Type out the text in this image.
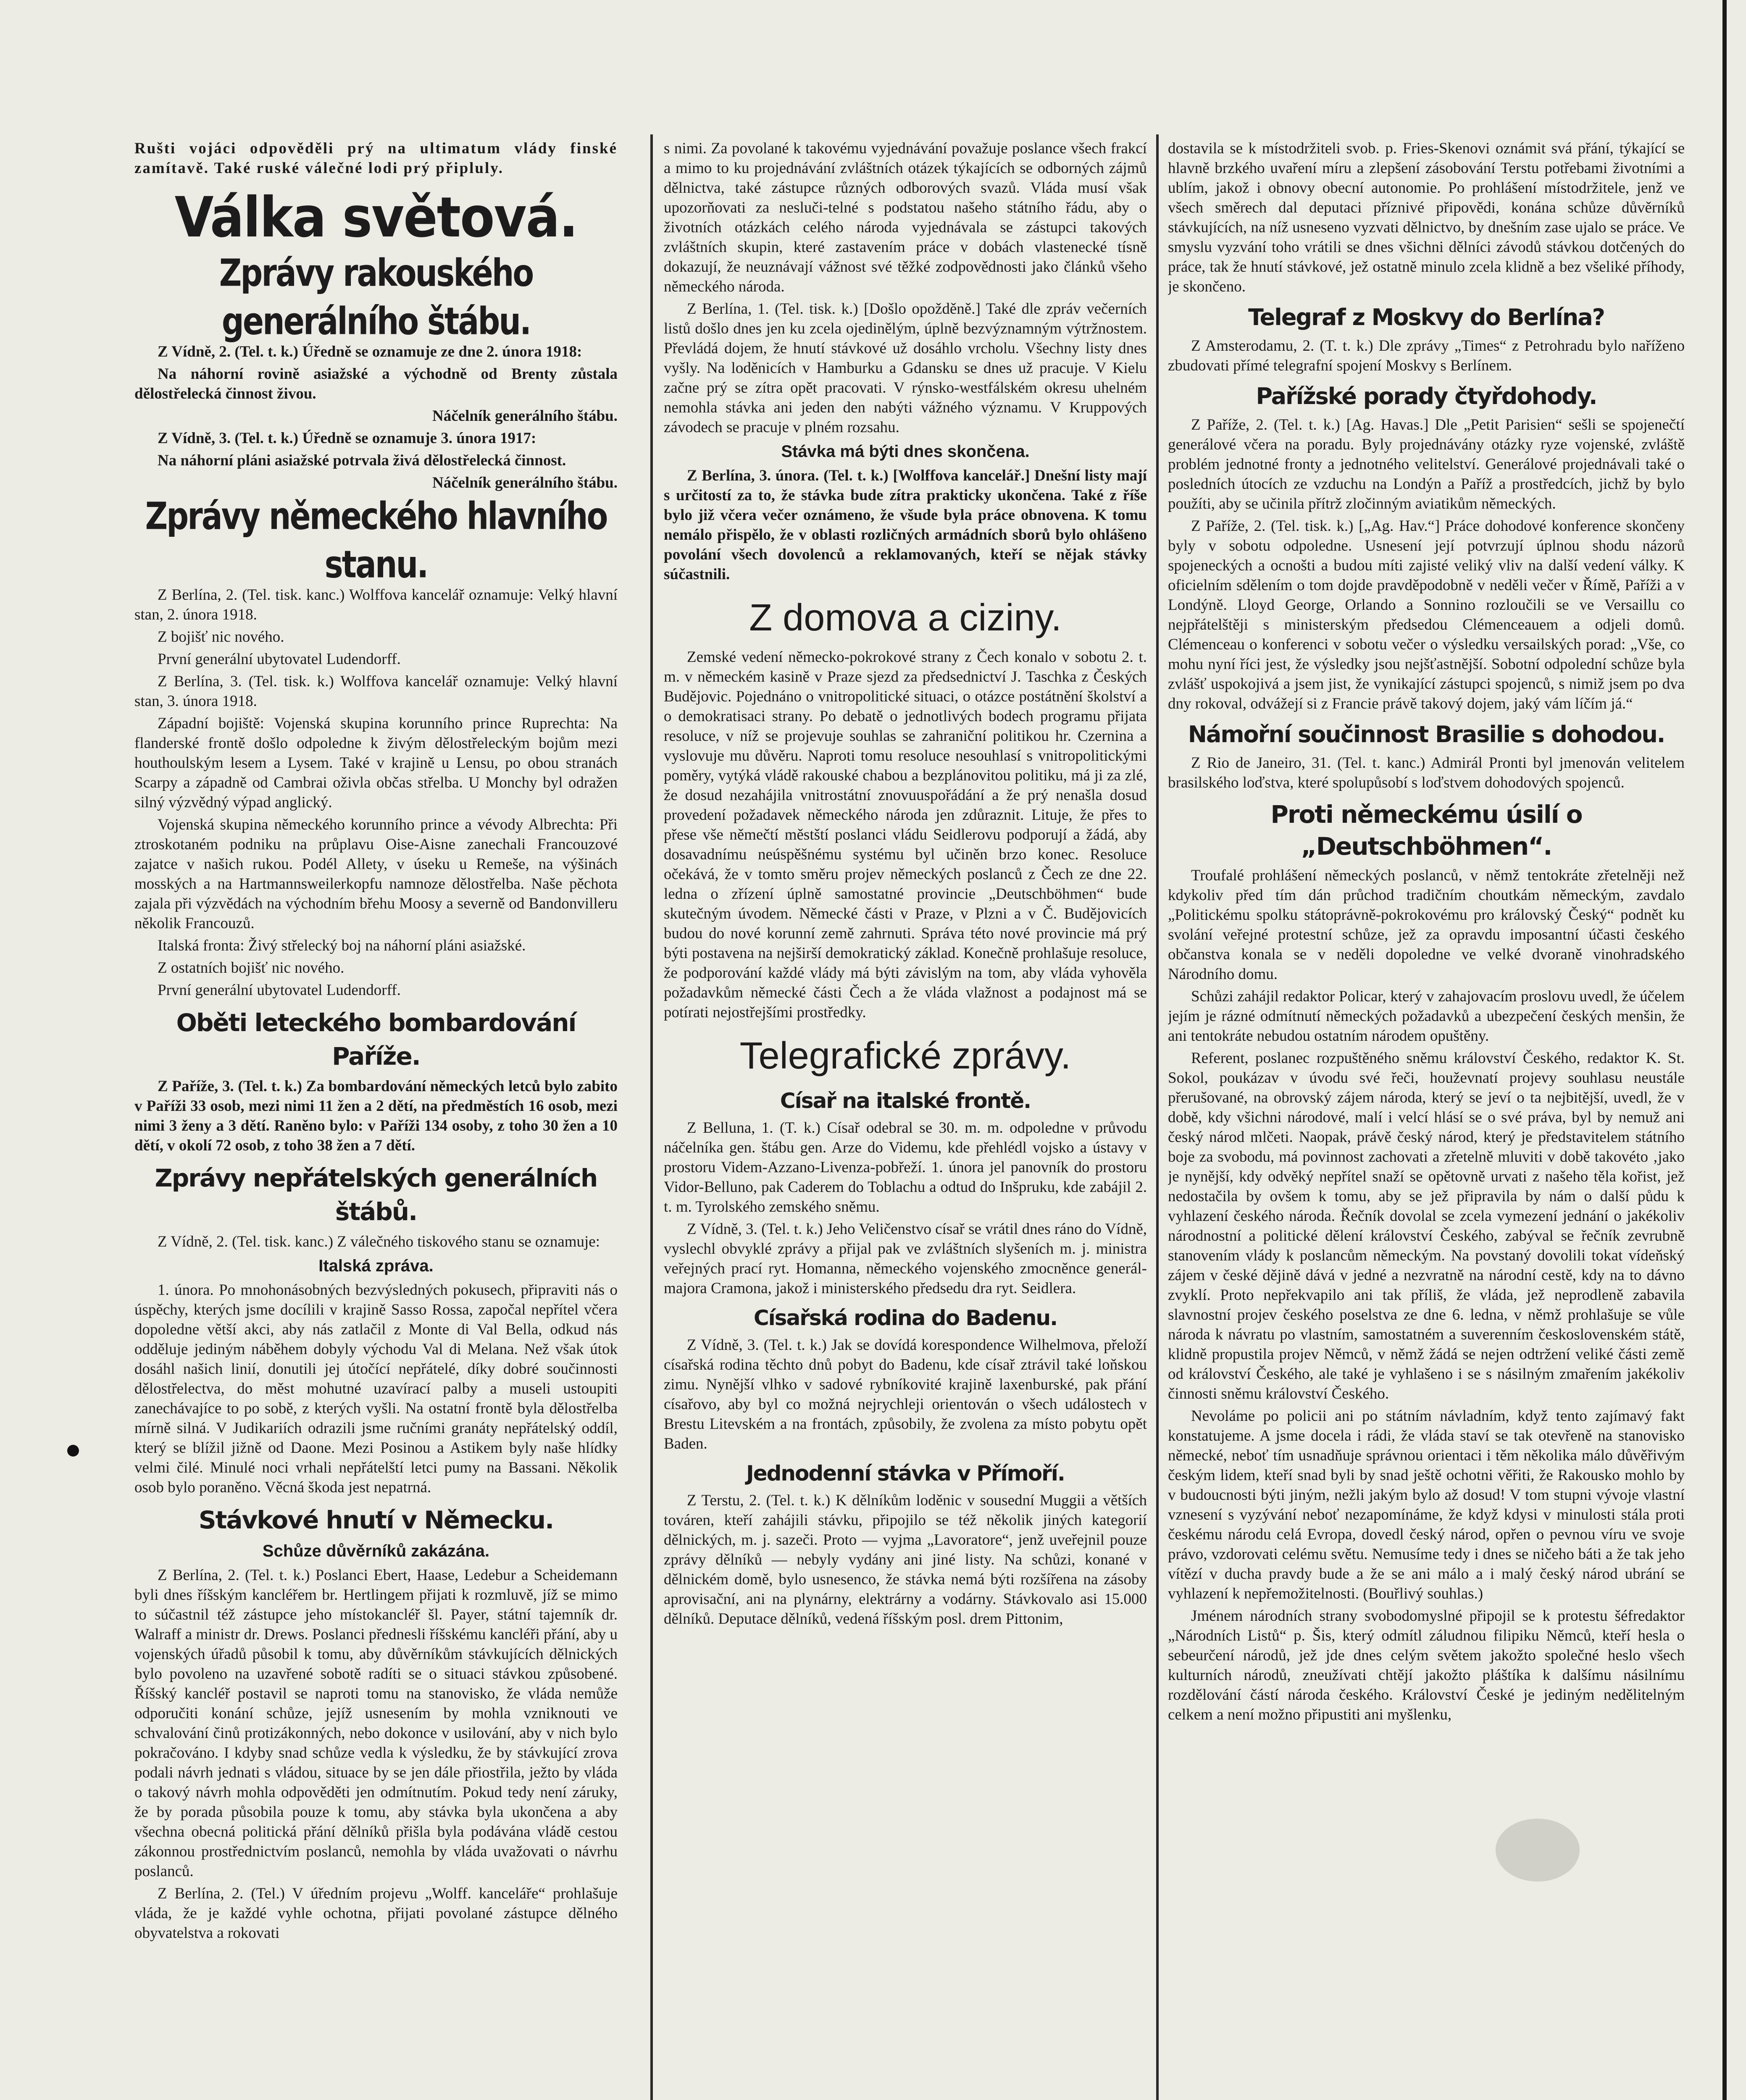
Rušti vojáci odpověděli prý na ultimatum vlády finské zamítavě. Také ruské válečné lodi prý připluly.

Válka světová.
Zprávy rakouského generálního štábu.

Z Vídně, 2. (Tel. t. k.) Úředně se oznamuje ze dne 2. února 1918:

Na náhorní rovině asiažské a východně od Brenty zůstala dělostřelecká činnost živou.

Náčelník generálního štábu.

Z Vídně, 3. (Tel. t. k.) Úředně se oznamuje 3. února 1917:

Na náhorní pláni asiažské potrvala živá dělostřelecká činnost.

Náčelník generálního štábu.

Zprávy německého hlavního stanu.

Z Berlína, 2. (Tel. tisk. kanc.) Wolffova kancelář oznamuje: Velký hlavní stan, 2. února 1918.

Z bojišť nic nového.

První generální ubytovatel Ludendorff.

Z Berlína, 3. (Tel. tisk. k.) Wolffova kancelář oznamuje: Velký hlavní stan, 3. února 1918.

Západní bojiště: Vojenská skupina korunního prince Ruprechta: Na flanderské frontě došlo odpoledne k živým dělostřeleckým bojům mezi houthoulským lesem a Lysem. Také v krajině u Lensu, po obou stranách Scarpy a západně od Cambrai oživla občas střelba. U Monchy byl odražen silný výzvědný výpad anglický.

Vojenská skupina německého korunního prince a vévody Albrechta: Při ztroskotaném podniku na průplavu Oise-Aisne zanechali Francouzové zajatce v našich rukou. Podél Allety, v úseku u Remeše, na výšinách mosských a na Hartmannsweilerkopfu namnoze dělostřelba. Naše pěchota zajala při výzvědách na východním břehu Moosy a severně od Bandonvilleru několik Francouzů.

Italská fronta: Živý střelecký boj na náhorní pláni asiažské.

Z ostatních bojišť nic nového.

První generální ubytovatel Ludendorff.

Oběti leteckého bombardování Paříže.

Z Paříže, 3. (Tel. t. k.) Za bombardování německých letců bylo zabito v Paříži 33 osob, mezi nimi 11 žen a 2 dětí, na předměstích 16 osob, mezi nimi 3 ženy a 3 dětí. Raněno bylo: v Paříži 134 osoby, z toho 30 žen a 10 dětí, v okolí 72 osob, z toho 38 žen a 7 dětí.

Zprávy nepřátelských generálních štábů.

Z Vídně, 2. (Tel. tisk. kanc.) Z válečného tiskového stanu se oznamuje:

Italská zpráva.

1. února. Po mnohonásobných bezvýsledných pokusech, připraviti nás o úspěchy, kterých jsme docílili v krajině Sasso Rossa, započal nepřítel včera dopoledne větší akci, aby nás zatlačil z Monte di Val Bella, odkud nás odděluje jediným náběhem dobyly východu Val di Melana. Než však útok dosáhl našich linií, donutili jej útočící nepřátelé, díky dobré součinnosti dělostřelectva, do měst mohutné uzavírací palby a museli ustoupiti zanechávajíce to po sobě, z kterých vyšli. Na ostatní frontě byla dělostřelba mírně silná. V Judikariích odrazili jsme ručními granáty nepřátelský oddíl, který se blížil jižně od Daone. Mezi Posinou a Astikem byly naše hlídky velmi čilé. Minulé noci vrhali nepřátelští letci pumy na Bassani. Několik osob bylo poraněno. Věcná škoda jest nepatrná.

Stávkové hnutí v Německu.
Schůze důvěrníků zakázána.

Z Berlína, 2. (Tel. t. k.) Poslanci Ebert, Haase, Ledebur a Scheidemann byli dnes říšským kancléřem br. Hertlingem přijati k rozmluvě, jíž se mimo to súčastnil též zástupce jeho místokancléř šl. Payer, státní tajemník dr. Walraff a ministr dr. Drews. Poslanci přednesli říšskému kancléři přání, aby u vojenských úřadů působil k tomu, aby důvěrníkům stávkujících dělnických bylo povoleno na uzavřené sobotě radíti se o situaci stávkou způsobené. Říšský kancléř postavil se naproti tomu na stanovisko, že vláda nemůže odporučiti konání schůze, jejíž usnesením by mohla vzniknouti ve schvalování činů protizákonných, nebo dokonce v usilování, aby v nich bylo pokračováno. I kdyby snad schůze vedla k výsledku, že by stávkující zrova podali návrh jednati s vládou, situace by se jen dále přiostřila, ježto by vláda o takový návrh mohla odpověděti jen odmítnutím. Pokud tedy není záruky, že by porada působila pouze k tomu, aby stávka byla ukončena a aby všechna obecná politická přání dělníků přišla byla podávána vládě cestou zákonnou prostřednictvím poslanců, nemohla by vláda uvažovati o návrhu poslanců.

Z Berlína, 2. (Tel.) V úředním projevu „Wolff. kanceláře“ prohlašuje vláda, že je každé vyhle ochotna, přijati povolané zástupce dělného obyvatelstva a rokovati

s nimi. Za povolané k takovému vyjednávání považuje poslance všech frakcí a mimo to ku projednávání zvláštních otázek týkajících se odborných zájmů dělnictva, také zástupce různých odborových svazů. Vláda musí však upozorňovati za nesluči-telné s podstatou našeho státního řádu, aby o životních otázkách celého národa vyjednávala se zástupci takových zvláštních skupin, které zastavením práce v dobách vlastenecké tísně dokazují, že neuznávají vážnost své těžké zodpovědnosti jako článků všeho německého národa.

Z Berlína, 1. (Tel. tisk. k.) [Došlo opožděně.] Také dle zpráv večerních listů došlo dnes jen ku zcela ojedinělým, úplně bezvýznamným výtržnostem. Převládá dojem, že hnutí stávkové už dosáhlo vrcholu. Všechny listy dnes vyšly. Na loděnicích v Hamburku a Gdansku se dnes už pracuje. V Kielu začne prý se zítra opět pracovati. V rýnsko-westfálském okresu uhelném nemohla stávka ani jeden den nabýti vážného významu. V Kruppových závodech se pracuje v plném rozsahu.

Stávka má býti dnes skončena.

Z Berlína, 3. února. (Tel. t. k.) [Wolffova kancelář.] Dnešní listy mají s určitostí za to, že stávka bude zítra prakticky ukončena. Také z říše bylo již včera večer oznámeno, že všude byla práce obnovena. K tomu nemálo přispělo, že v oblasti rozličných armádních sborů bylo ohlášeno povolání všech dovolenců a reklamovaných, kteří se nějak stávky súčastnili.

Z domova a ciziny.

Zemské vedení německo-pokrokové strany z Čech konalo v sobotu 2. t. m. v německém kasině v Praze sjezd za předsednictví J. Taschka z Českých Budějovic. Pojednáno o vnitropolitické situaci, o otázce postátnění školství a o demokratisaci strany. Po debatě o jednotlivých bodech programu přijata resoluce, v níž se projevuje souhlas se zahraniční politikou hr. Czernina a vyslovuje mu důvěru. Naproti tomu resoluce nesouhlasí s vnitropolitickými poměry, vytýká vládě rakouské chabou a bezplánovitou politiku, má ji za zlé, že dosud nezahájila vnitrostátní znovuuspořádání a že prý nenašla dosud provedení požadavek německého národa jen zdůraznit. Lituje, že přes to přese vše němečtí městští poslanci vládu Seidlerovu podporují a žádá, aby dosavadnímu neúspěšnému systému byl učiněn brzo konec. Resoluce očekává, že v tomto směru projev německých poslanců z Čech ze dne 22. ledna o zřízení úplně samostatné provincie „Deutschböhmen“ bude skutečným úvodem. Německé části v Praze, v Plzni a v Č. Budějovicích budou do nové korunní země zahrnuti. Správa této nové provincie má prý býti postavena na nejširší demokratický základ. Konečně prohlašuje resoluce, že podporování každé vlády má býti závislým na tom, aby vláda vyhověla požadavkům německé části Čech a že vláda vlažnost a podajnost má se potírati nejostřejšími prostředky.

Telegrafické zprávy.
Císař na italské frontě.

Z Belluna, 1. (T. k.) Císař odebral se 30. m. m. odpoledne v průvodu náčelníka gen. štábu gen. Arze do Videmu, kde přehlédl vojsko a ústavy v prostoru Videm-Azzano-Livenza-pobřeží. 1. února jel panovník do prostoru Vidor-Belluno, pak Caderem do Toblachu a odtud do Inšpruku, kde zabájil 2. t. m. Tyrolského zemského sněmu.

Z Vídně, 3. (Tel. t. k.) Jeho Veličenstvo císař se vrátil dnes ráno do Vídně, vyslechl obvyklé zprávy a přijal pak ve zvláštních slyšeních m. j. ministra veřejných prací ryt. Homanna, německého vojenského zmocněnce generál-majora Cramona, jakož i ministerského předsedu dra ryt. Seidlera.

Císařská rodina do Badenu.

Z Vídně, 3. (Tel. t. k.) Jak se dovídá korespondence Wilhelmova, přeloží císařská rodina těchto dnů pobyt do Badenu, kde císař ztrávil také loňskou zimu. Nynější vlhko v sadové rybníkovité krajině laxenburské, pak přání císařovo, aby byl co možná nejrychleji orientován o všech událostech v Brestu Litevském a na frontách, způsobily, že zvolena za místo pobytu opět Baden.

Jednodenní stávka v Přímoří.

Z Terstu, 2. (Tel. t. k.) K dělníkům loděnic v sousední Muggii a větších továren, kteří zahájili stávku, připojilo se též několik jiných kategorií dělnických, m. j. sazeči. Proto — vyjma „Lavoratore“, jenž uveřejnil pouze zprávy dělníků — nebyly vydány ani jiné listy. Na schůzi, konané v dělnickém domě, bylo usnesenco, že stávka nemá býti rozšířena na zásoby aprovisační, ani na plynárny, elektrárny a vodárny. Stávkovalo asi 15.000 dělníků. Deputace dělníků, vedená říšským posl. drem Pittonim,

dostavila se k místodržiteli svob. p. Fries-Skenovi oznámit svá přání, týkající se hlavně brzkého uvaření míru a zlepšení zásobování Terstu potřebami životními a ublím, jakož i obnovy obecní autonomie. Po prohlášení místodržitele, jenž ve všech směrech dal deputaci příznivé připovědi, konána schůze důvěrníků stávkujících, na níž usneseno vyzvati dělnictvo, by dnešním zase ujalo se práce. Ve smyslu vyzvání toho vrátili se dnes všichni dělníci závodů stávkou dotčených do práce, tak že hnutí stávkové, jež ostatně minulo zcela klidně a bez všeliké příhody, je skončeno.

Telegraf z Moskvy do Berlína?

Z Amsterodamu, 2. (T. t. k.) Dle zprávy „Times“ z Petrohradu bylo naříženo zbudovati přímé telegrafní spojení Moskvy s Berlínem.

Pařížské porady čtyřdohody.

Z Paříže, 2. (Tel. t. k.) [Ag. Havas.] Dle „Petit Parisien“ sešli se spojenečtí generálové včera na poradu. Byly projednávány otázky ryze vojenské, zvláště problém jednotné fronty a jednotného velitelství. Generálové projednávali také o posledních útocích ze vzduchu na Londýn a Paříž a prostředcích, jichž by bylo použíti, aby se učinila přítrž zločinným aviatikům německých.

Z Paříže, 2. (Tel. tisk. k.) [„Ag. Hav.“] Práce dohodové konference skončeny byly v sobotu odpoledne. Usnesení její potvrzují úplnou shodu názorů spojeneckých a ocnošti a budou míti zajisté veliký vliv na další vedení války. K oficielním sdělením o tom dojde pravděpodobně v neděli večer v Římě, Paříži a v Londýně. Lloyd George, Orlando a Sonnino rozloučili se ve Versaillu co nejpřátelštěji s ministerským předsedou Clémenceauem a odjeli domů. Clémenceau o konferenci v sobotu večer o výsledku versailských porad: „Vše, co mohu nyní říci jest, že výsledky jsou nejšťastnější. Sobotní odpolední schůze byla zvlášť uspokojivá a jsem jist, že vynikající zástupci spojenců, s nimiž jsem po dva dny rokoval, odvážejí si z Francie právě takový dojem, jaký vám líčím já.“

Námořní součinnost Brasilie s dohodou.

Z Rio de Janeiro, 31. (Tel. t. kanc.) Admirál Pronti byl jmenován velitelem brasilského loďstva, které spolupůsobí s loďstvem dohodových spojenců.

Proti německému úsilí o „Deutschböhmen“.

Troufalé prohlášení německých poslanců, v němž tentokráte zřetelněji než kdykoliv před tím dán průchod tradičním choutkám německým, zavdalo „Politickému spolku státoprávně-pokrokovému pro královský Český“ podnět ku svolání veřejné protestní schůze, jež za opravdu imposantní účasti českého občanstva konala se v neděli dopoledne ve velké dvoraně vinohradského Národního domu.

Schůzi zahájil redaktor Policar, který v zahajovacím proslovu uvedl, že účelem jejím je rázné odmítnutí německých požadavků a ubezpečení českých menšin, že ani tentokráte nebudou ostatním národem opuštěny.

Referent, poslanec rozpuštěného sněmu království Českého, redaktor K. St. Sokol, poukázav v úvodu své řeči, houževnatí projevy souhlasu neustále přerušované, na obrovský zájem národa, který se jeví o ta nejbitější, uvedl, že v době, kdy všichni národové, malí i velcí hlásí se o své práva, byl by nemuž ani český národ mlčeti. Naopak, právě český národ, který je představitelem státního boje za svobodu, má povinnost zachovati a zřetelně mluviti v době takovéto ‚jako je nynější, kdy odvěký nepřítel snaží se opětovně urvati z našeho těla kořist, jež nedostačila by ovšem k tomu, aby se jež připravila by nám o další půdu k vyhlazení českého národa. Řečník dovolal se zcela vymezení jednání o jakékoliv národnostní a politické dělení království Českého, zabýval se řečník zevrubně stanovením vlády k poslancům německým. Na povstaný dovolili tokat vídeňský zájem v české dějině dává v jedné a nezvratně na národní cestě, kdy na to dávno zvyklí. Proto nepřekvapilo ani tak příliš, že vláda, jež neprodleně zabavila slavnostní projev českého poselstva ze dne 6. ledna, v němž prohlašuje se vůle národa k návratu po vlastním, samostatném a suverenním československém státě, klidně propustila projev Němců, v němž žádá se nejen odtržení veliké části země od království Českého, ale také je vyhlašeno i se s násilným zmařením jakékoliv činnosti sněmu království Českého.

Nevoláme po policii ani po státním návladním, když tento zajímavý fakt konstatujeme. A jsme docela i rádi, že vláda staví se tak otevřeně na stanovisko německé, neboť tím usnadňuje správnou orientaci i těm několika málo důvěřivým českým lidem, kteří snad byli by snad ještě ochotni věřiti, že Rakousko mohlo by v budoucnosti býti jiným, nežli jakým bylo až dosud! V tom stupni vývoje vlastní vznesení s vyzývání neboť nezapomínáme, že když kdysi v minulosti stála proti českému národu celá Evropa, dovedl český národ, opřen o pevnou víru ve svoje právo, vzdorovati celému světu. Nemusíme tedy i dnes se ničeho báti a že tak jeho vítězí v ducha pravdy bude a že se ani málo a i malý český národ ubrání se vyhlazení k nepřemožitelnosti. (Bouřlivý souhlas.)

Jménem národních strany svobodomyslné připojil se k protestu šéfredaktor „Národních Listů“ p. Šis, který odmítl záludnou filipiku Němců, kteří hesla o sebeurčení národů, jež jde dnes celým světem jakožto společné heslo všech kulturních národů, zneužívati chtějí jakožto pláštíka k dalšímu násilnímu rozdělování částí národa českého. Království České je jediným nedělitelným celkem a není možno připustiti ani myšlenku,
